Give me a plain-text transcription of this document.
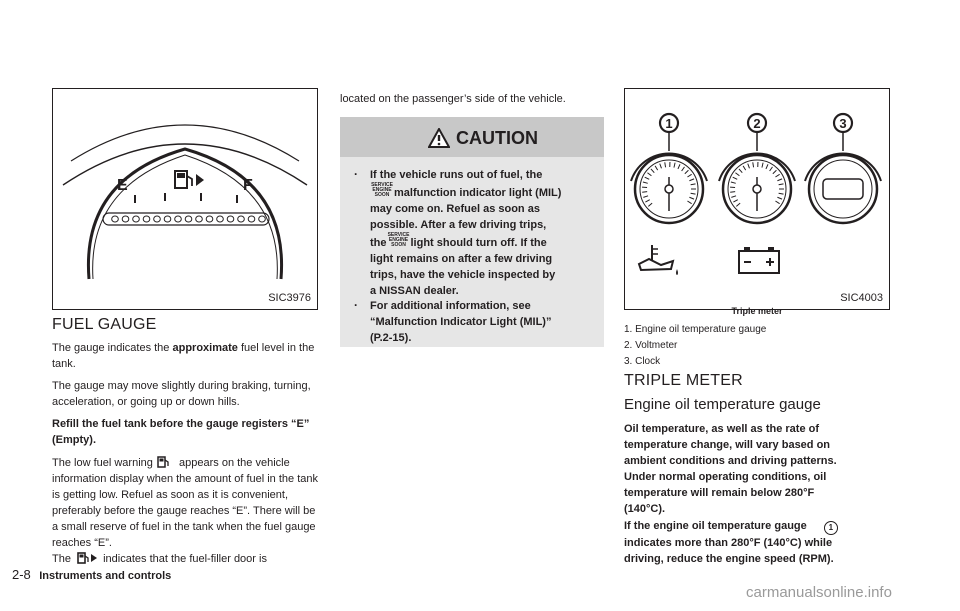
E	F
SIC3976
FUEL GAUGE
The gauge indicates the approximate fuel level in the tank.
The gauge may move slightly during braking, turning, acceleration, or going up or down hills.
Refill the fuel tank before the gauge registers “E” (Empty).
The low fuel warning appears on the vehicle information display when the amount of fuel in the tank is getting low. Refuel as soon as it is convenient, preferably before the gauge reaches “E”. There will be a small reserve of fuel in the tank when the fuel gauge reaches “E”.
The	indicates that the fuel-filler door is
located on the passenger’s side of the vehicle.
CAUTION
. If the vehicle runs out of fuel, the
SERVICE
ENGINE
SOON malfunction indicator light (MIL)
may come on. Refuel as soon as
possible. After a few driving trips,
the
SERVICE
ENGINE
SOON light should turn off. If the
light remains on after a few driving
trips, have the vehicle inspected by
a NISSAN dealer.
. For additional information, see
“Malfunction Indicator Light (MIL)”
(P.2-15).
1	2	3
SIC4003
Triple meter
1. Engine oil temperature gauge
2. Voltmeter
3. Clock
TRIPLE METER
Engine oil temperature gauge
Oil temperature, as well as the rate of
temperature change, will vary based on
ambient conditions and driving patterns.
Under normal operating conditions, oil
temperature will remain below 280°F
(140°C).
If the engine oil temperature gauge	1
indicates more than 280°F (140°C) while
driving, reduce the engine speed (RPM).
2-8 Instruments and controls
carmanualsonline.info
